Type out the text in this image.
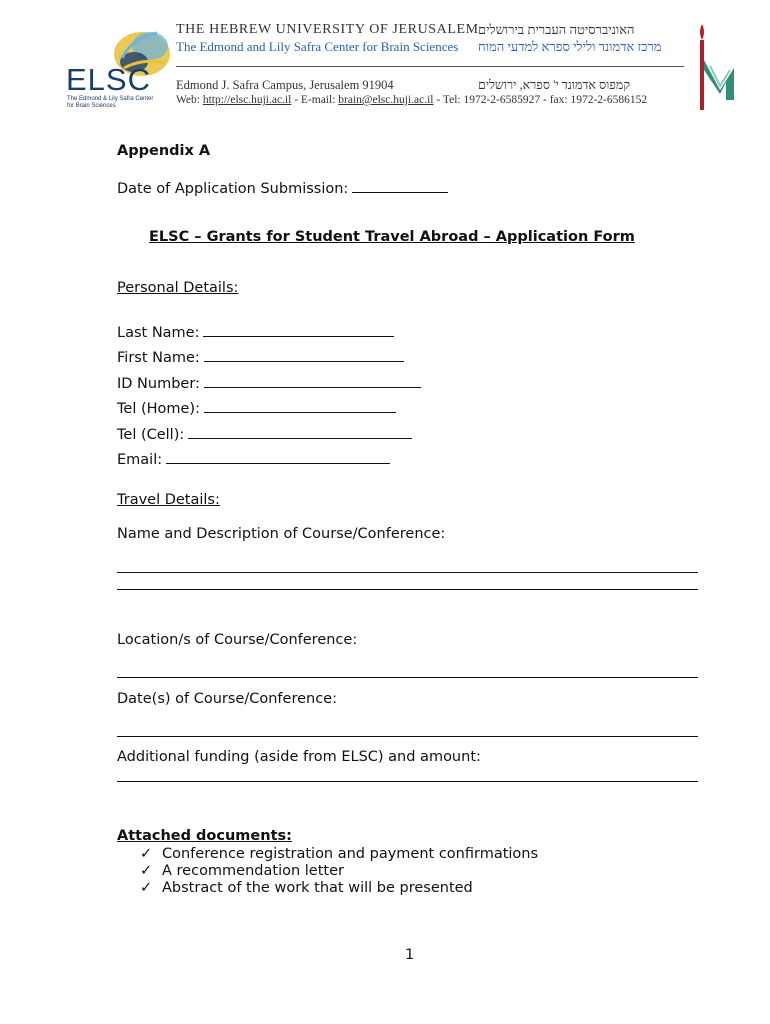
ELSC
The Edmond & Lily Safra Center for Brain Sciences
THE HEBREW UNIVERSITY OF JERUSALEM
The Edmond and Lily Safra Center for Brain Sciences
האוניברסיטה העברית בירושלים
מרכז אדמונד ולילי ספרא למדעי המוח
Edmond J. Safra Campus, Jerusalem 91904	קמפוס אדמונד י' ספרא, ירושלים
Web: http://elsc.huji.ac.il - E-mail: brain@elsc.huji.ac.il - Tel: 1972-2-6585927 - fax: 1972-2-6586152
Appendix A
Date of Application Submission:
ELSC – Grants for Student Travel Abroad – Application Form
Personal Details:
Last Name:
First Name:
ID Number:
Tel (Home):
Tel (Cell):
Email:
Travel Details:
Name and Description of Course/Conference:
Location/s of Course/Conference:
Date(s) of Course/Conference:
Additional funding (aside from ELSC) and amount:
Attached documents:
✓ Conference registration and payment confirmations
✓ A recommendation letter
✓ Abstract of the work that will be presented
1
